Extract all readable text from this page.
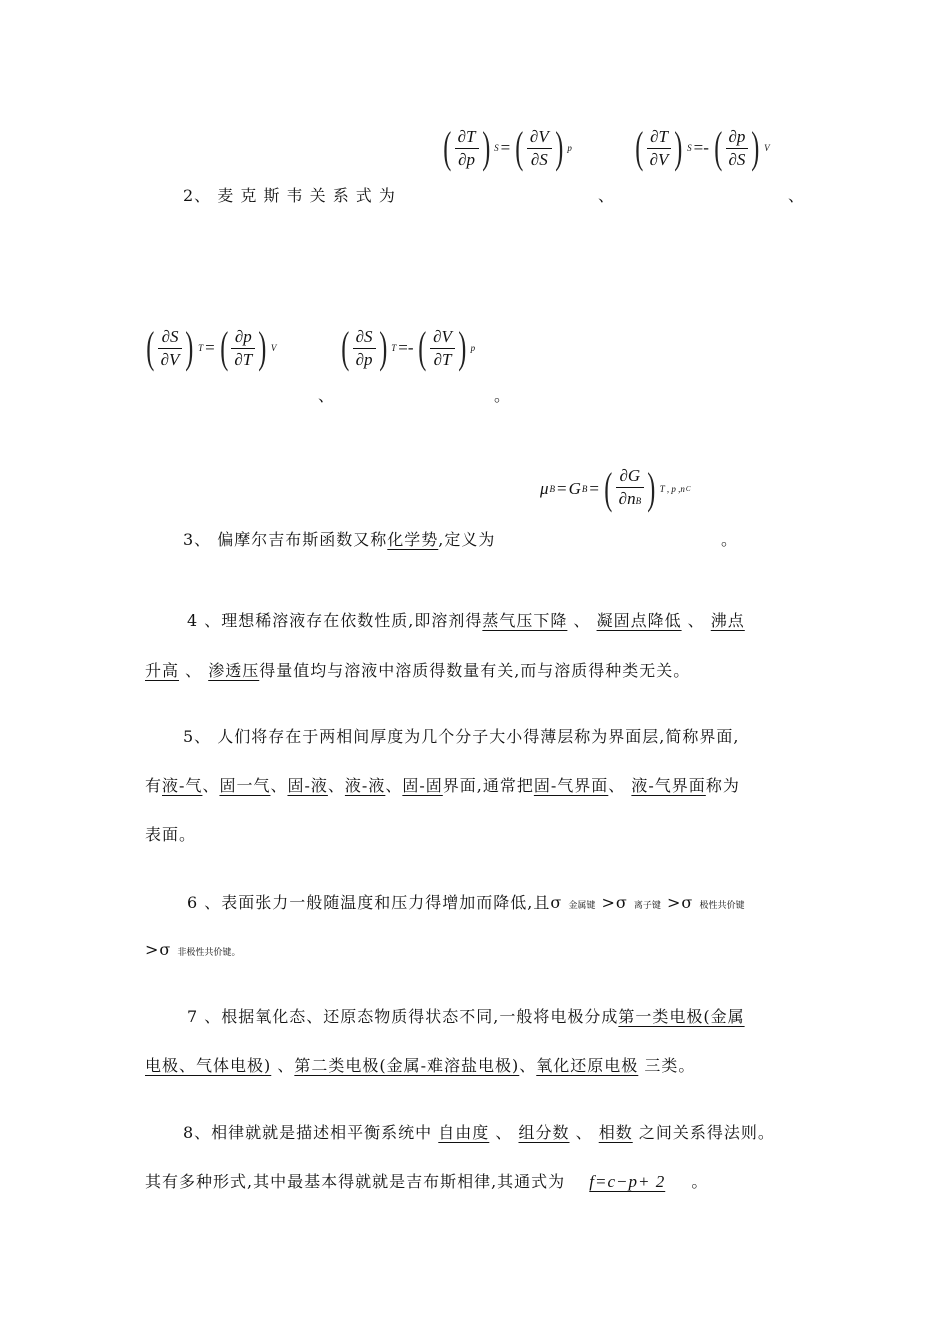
( $\frac{\partial T}{\partial p}$ ) S = ( $\frac{\partial V}{\partial S}$ ) p ( $\frac{\partial T}{\partial V}$ ) S =- ( $\frac{\partial p}{\partial S}$ ) V
2、 麦 克 斯 韦 关 系 式 为	、	、
( $\frac{\partial S}{\partial V}$ ) T = ( $\frac{\partial p}{\partial T}$ ) V ( $\frac{\partial S}{\partial p}$ ) T =- ( $\frac{\partial V}{\partial T}$ ) p
、	。
μ B = G B = ( $\frac{\partial G}{\partial nB}$ ) T , p ,n C
3、 偏摩尔吉布斯函数又称化学势,定义为	。
4 、理想稀溶液存在依数性质,即溶剂得蒸气压下降 、 凝固点降低 、 沸点
升高 、 渗透压得量值均与溶液中溶质得数量有关,而与溶质得种类无关。
5、 人们将存在于两相间厚度为几个分子大小得薄层称为界面层,简称界面,
有液-气、固一气、固-液、液-液、固-固界面,通常把固-气界面、 液-气界面称为
表面。
6 、表面张力一般随温度和压力得增加而降低,且σ 金属键 >σ 离子键 >σ 极性共价键
>σ 非极性共价键。
7 、根据氧化态、还原态物质得状态不同,一般将电极分成第一类电极(金属
电极、气体电极) 、第二类电极(金属-难溶盐电极)、氧化还原电极 三类。
8、相律就就是描述相平衡系统中 自由度 、 组分数 、 相数 之间关系得法则。
其有多种形式,其中最基本得就就是吉布斯相律,其通式为 f=c−p+ 2 。
